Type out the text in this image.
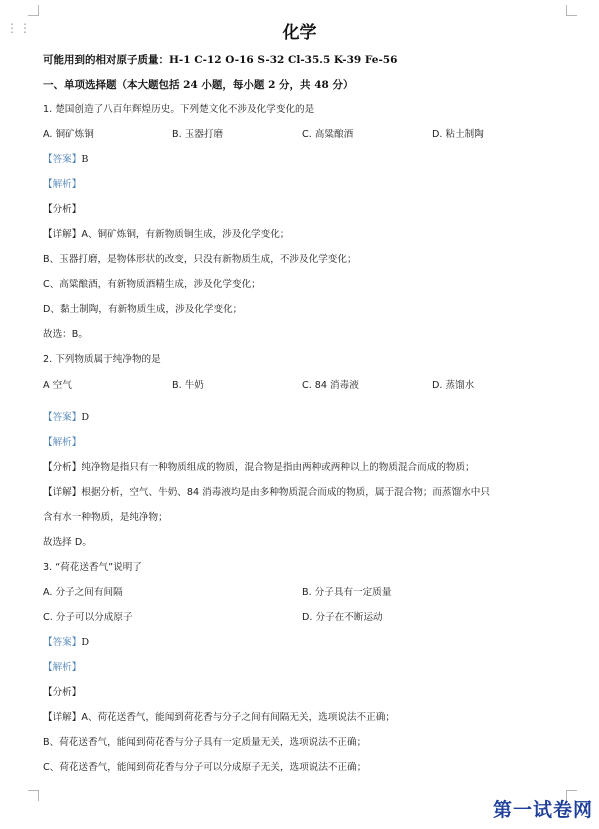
⋮⋮	化学
可能用到的相对原子质量：H-1 C-12 O-16 S-32 Cl-35.5 K-39 Fe-56
一、单项选择题（本大题包括 24 小题，每小题 2 分，共 48 分）
1. 楚国创造了八百年辉煌历史。下列楚文化不涉及化学变化的是
A. 铜矿炼铜	B. 玉器打磨	C. 高粱酿酒	D. 粘土制陶
【答案】B
【解析】
【分析】
【详解】A、铜矿炼铜，有新物质铜生成，涉及化学变化；
B、玉器打磨，是物体形状的改变，只没有新物质生成，不涉及化学变化；
C、高粱酿酒，有新物质酒精生成，涉及化学变化；
D、黏土制陶，有新物质生成，涉及化学变化；
故选：B。
2. 下列物质属于纯净物的是
A 空气	B. 牛奶	C. 84 消毒液	D. 蒸馏水
【答案】D
【解析】
【分析】纯净物是指只有一种物质组成的物质，混合物是指由两种或两种以上的物质混合而成的物质；
【详解】根据分析，空气、牛奶、84 消毒液均是由多种物质混合而成的物质，属于混合物；而蒸馏水中只
含有水一种物质，是纯净物；
故选择 D。
3. “荷花送香气”说明了
A. 分子之间有间隔	B. 分子具有一定质量
C. 分子可以分成原子	D. 分子在不断运动
【答案】D
【解析】
【分析】
【详解】A、荷花送香气，能闻到荷花香与分子之间有间隔无关，选项说法不正确；
B、荷花送香气，能闻到荷花香与分子具有一定质量无关，选项说法不正确；
C、荷花送香气，能闻到荷花香与分子可以分成原子无关，选项说法不正确；
第一试卷网
